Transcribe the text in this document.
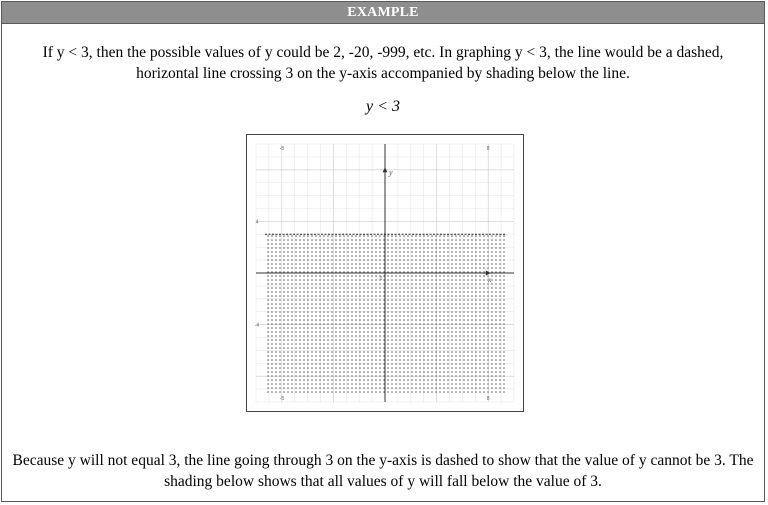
EXAMPLE
If y < 3, then the possible values of y could be 2, -20, -999, etc. In graphing y < 3, the line would be a dashed, horizontal line crossing 3 on the y-axis accompanied by shading below the line.
y < 3
y
x
-8	8
-4
4
0
-8	8
Because y will not equal 3, the line going through 3 on the y-axis is dashed to show that the value of y cannot be 3. The shading below shows that all values of y will fall below the value of 3.
